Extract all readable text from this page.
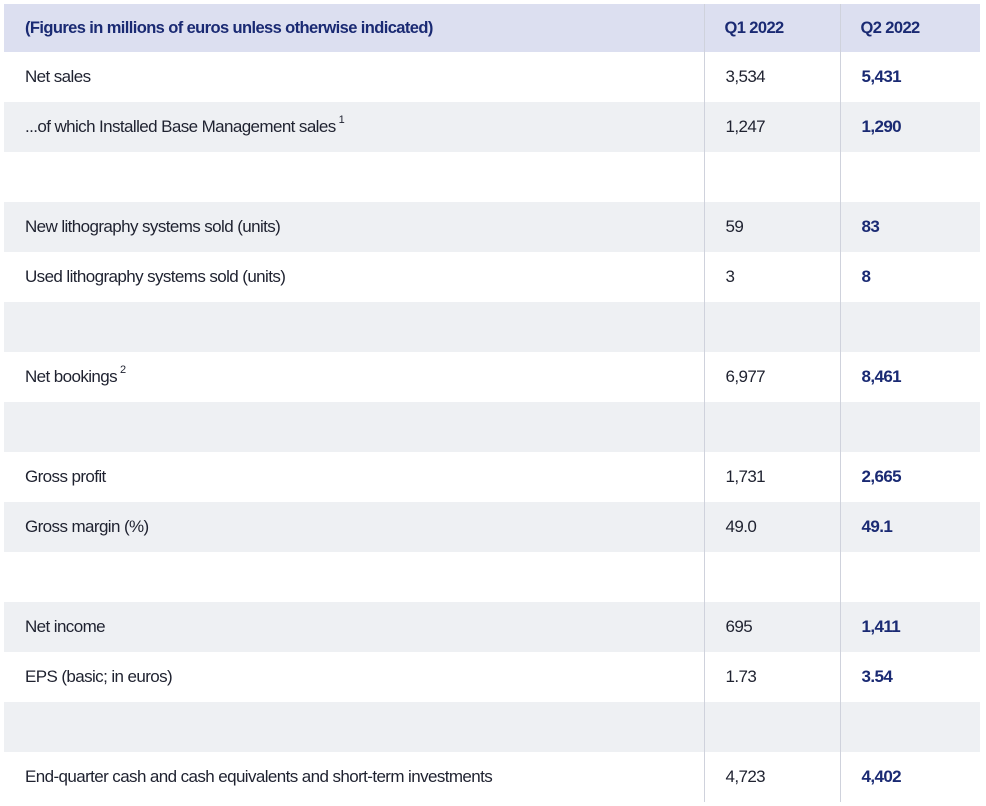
(Figures in millions of euros unless otherwise indicated)	Q1 2022	Q2 2022
Net sales	3,534	5,431
...of which Installed Base Management sales $^1$	1,247	1,290

New lithography systems sold (units)	59	83
Used lithography systems sold (units)	3	8

Net bookings $^2$	6,977	8,461

Gross profit	1,731	2,665
Gross margin (%)	49.0	49.1

Net income	695	1,411
EPS (basic; in euros)	1.73	3.54

End-quarter cash and cash equivalents and short-term investments	4,723	4,402
